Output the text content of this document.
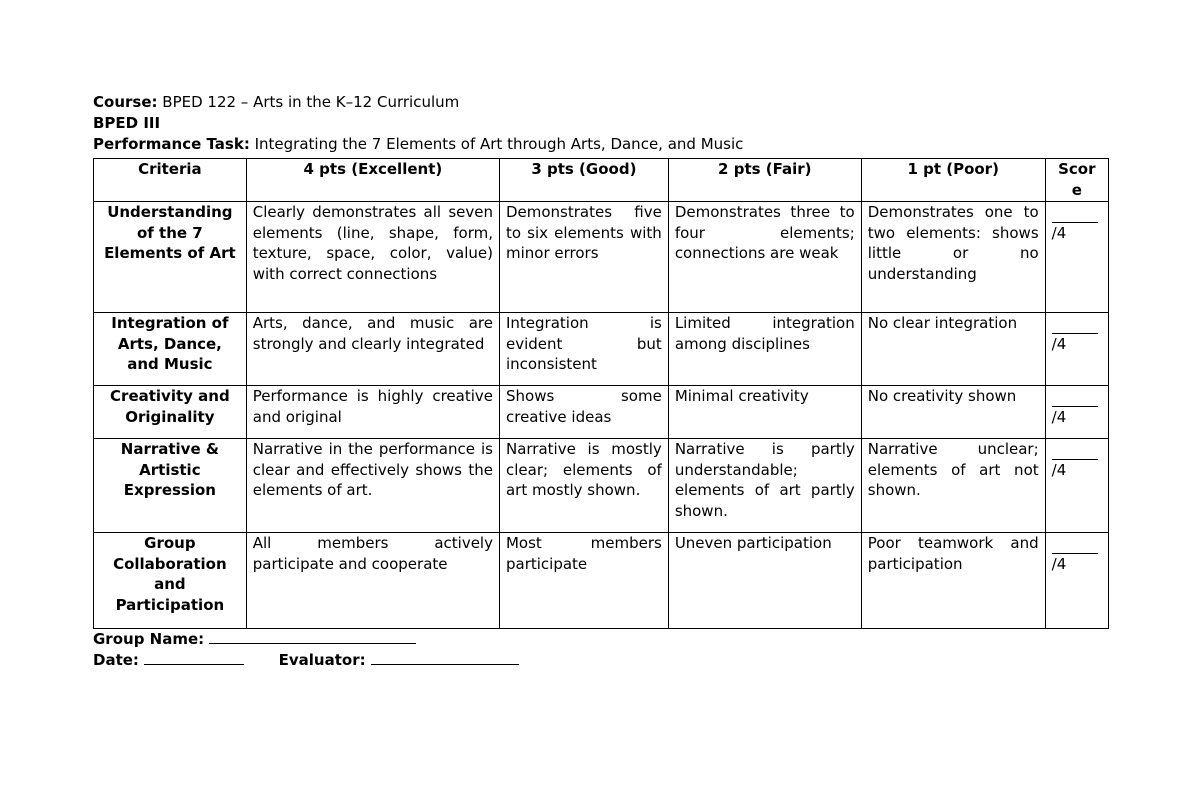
Course: BPED 122 – Arts in the K–12 Curriculum
BPED III
Performance Task: Integrating the 7 Elements of Art through Arts, Dance, and Music
Criteria	4 pts (Excellent)	3 pts (Good)	2 pts (Fair)	1 pt (Poor)	Score

Understanding of the 7 Elements of Art	Clearly demonstrates all seven elements (line, shape, form, texture, space, color, value) with correct connections	Demonstrates five to six elements with minor errors	Demonstrates three to four elements; connections are weak	Demonstrates one to two elements: shows little or no understanding	/4
Integration of Arts, Dance, and Music	Arts, dance, and music are strongly and clearly integrated	Integration is evident but inconsistent	Limited integration among disciplines	No clear integration	/4
Creativity and Originality	Performance is highly creative and original	Shows some creative ideas	Minimal creativity	No creativity shown	/4
Narrative & Artistic Expression	Narrative in the performance is clear and effectively shows the elements of art.	Narrative is mostly clear; elements of art mostly shown.	Narrative is partly understandable; elements of art partly shown.	Narrative unclear; elements of art not shown.	/4
Group Collaboration and Participation	All members actively participate and cooperate	Most members participate	Uneven participation	Poor teamwork and participation	/4
Group Name:
Date:	Evaluator:
